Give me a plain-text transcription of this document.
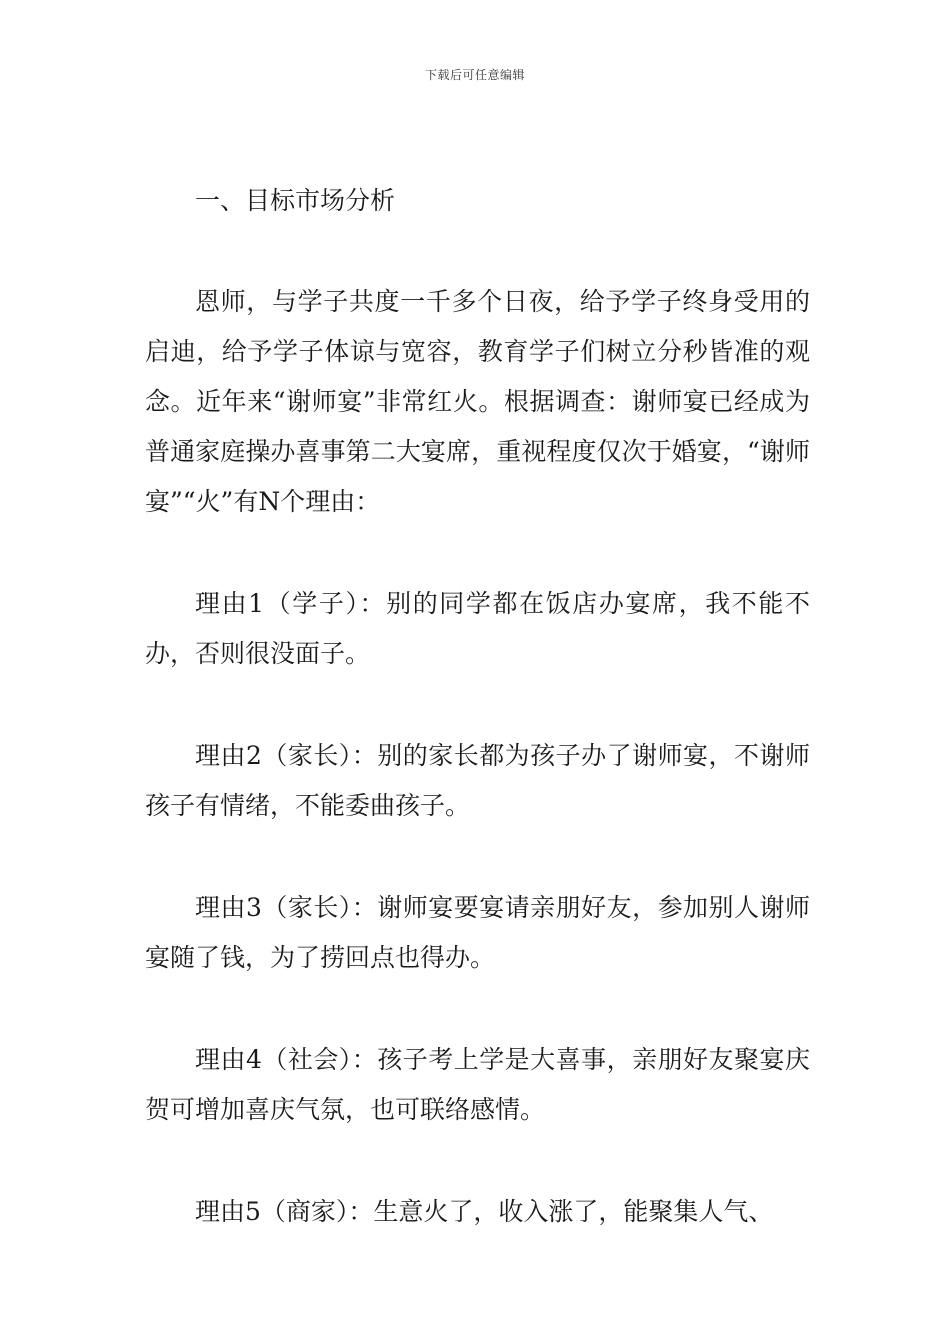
下载后可任意编辑

一、目标市场分析

恩师，与学子共度一千多个日夜，给予学子终身受用的启迪，给予学子体谅与宽容，教育学子们树立分秒皆准的观念。近年来“谢师宴”非常红火。根据调查：谢师宴已经成为普通家庭操办喜事第二大宴席，重视程度仅次于婚宴，“谢师宴”“火”有N个理由：

理由1（学子）：别的同学都在饭店办宴席，我不能不办，否则很没面子。

理由2（家长）：别的家长都为孩子办了谢师宴，不谢师孩子有情绪，不能委曲孩子。

理由3（家长）：谢师宴要宴请亲朋好友，参加别人谢师宴随了钱，为了捞回点也得办。

理由4（社会）：孩子考上学是大喜事，亲朋好友聚宴庆贺可增加喜庆气氛，也可联络感情。

理由5（商家）：生意火了，收入涨了，能聚集人气、
